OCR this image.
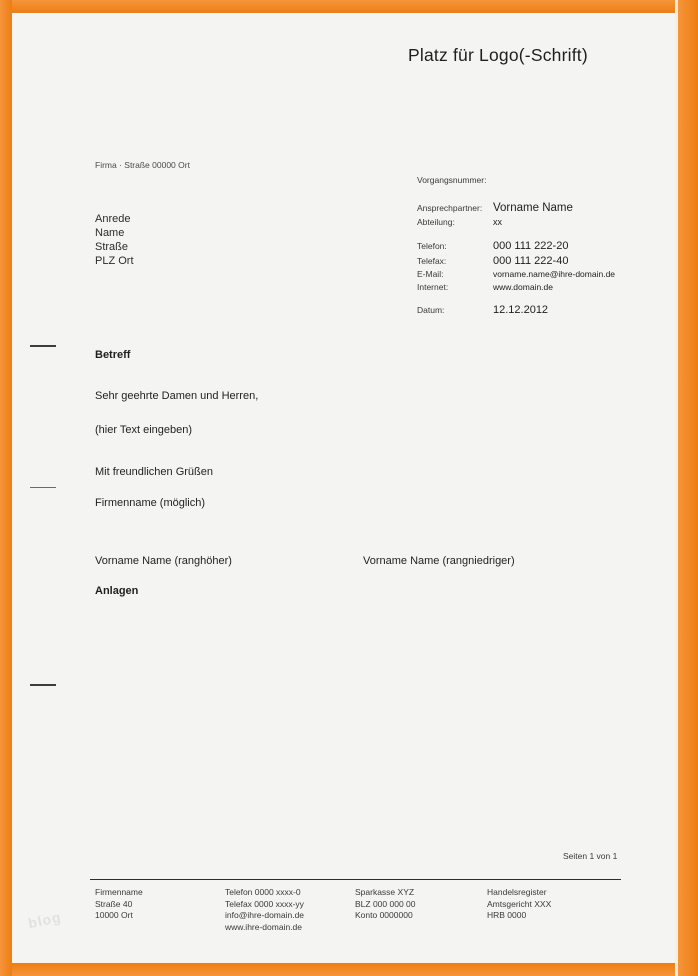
Platz für Logo(-Schrift)
Firma · Straße 00000 Ort
Anrede
Name
Straße
PLZ Ort
Vorgangsnummer:
Ansprechpartner: Vorname Name
Abteilung:	xx
Telefon:	000 111 222-20
Telefax:	000 111 222-40
E-Mail:	vorname.name@ihre-domain.de
Internet:	www.domain.de
Datum:	12.12.2012
Betreff
Sehr geehrte Damen und Herren,
(hier Text eingeben)
Mit freundlichen Grüßen
Firmenname (möglich)
Vorname Name (ranghöher)	Vorname Name (rangniedriger)
Anlagen
Seiten 1 von 1
Firmenname
Straße 40
10000 Ort
Telefon 0000 xxxx-0
Telefax 0000 xxxx-yy
info@ihre-domain.de
www.ihre-domain.de
Sparkasse XYZ
BLZ 000 000 00
Konto 0000000
Handelsregister
Amtsgericht XXX
HRB 0000
blog
